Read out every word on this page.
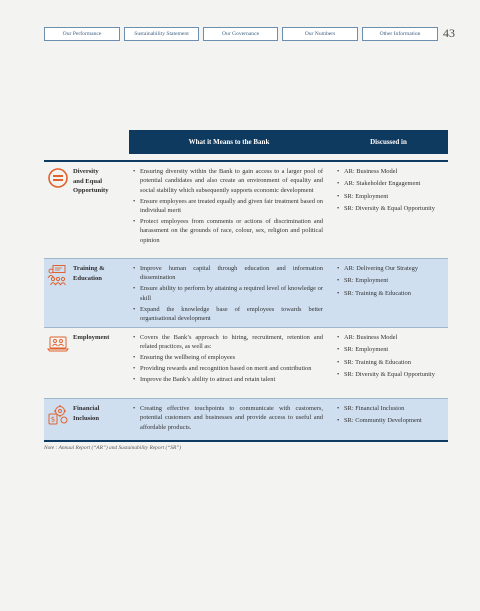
Our Performance	Sustainability Statement	Our Governance	Our Numbers	Other Information	43
What it Means to the Bank	Discussed in
Diversity
and Equal
Opportunity
• Ensuring diversity within the Bank to gain access to a larger pool of potential candidates and also create an environment of equality and social stability which subsequently supports economic development
• Ensure employees are treated equally and given fair treatment based on individual merit
• Protect employees from comments or actions of discrimination and harassment on the grounds of race, colour, sex, religion and political opinion
• AR: Business Model
• AR: Stakeholder Engagement
• SR: Employment
• SR: Diversity & Equal Opportunity
Training &
Education
• Improve human capital through education and information dissemination
• Ensure ability to perform by attaining a required level of knowledge or skill
• Expand the knowledge base of employees towards better organisational development
• AR: Delivering Our Strategy
• SR: Employment
• SR: Training & Education
Employment
•	Covers the Bank’s approach to hiring, recruitment, retention and related practices, as well as:
• Ensuring the wellbeing of employees
• Providing rewards and recognition based on merit and contribution
• Improve the Bank’s ability to attract and retain talent
• AR: Business Model
• SR: Employment
• SR: Training & Education
• SR: Diversity & Equal Opportunity
$
Financial
Inclusion
• Creating effective touchpoints to communicate with customers, potential customers and businesses and provide access to useful and affordable products.
• SR: Financial Inclusion
• SR: Community Development
Note : Annual Report (“AR”) and Sustainability Report (“SR”)
